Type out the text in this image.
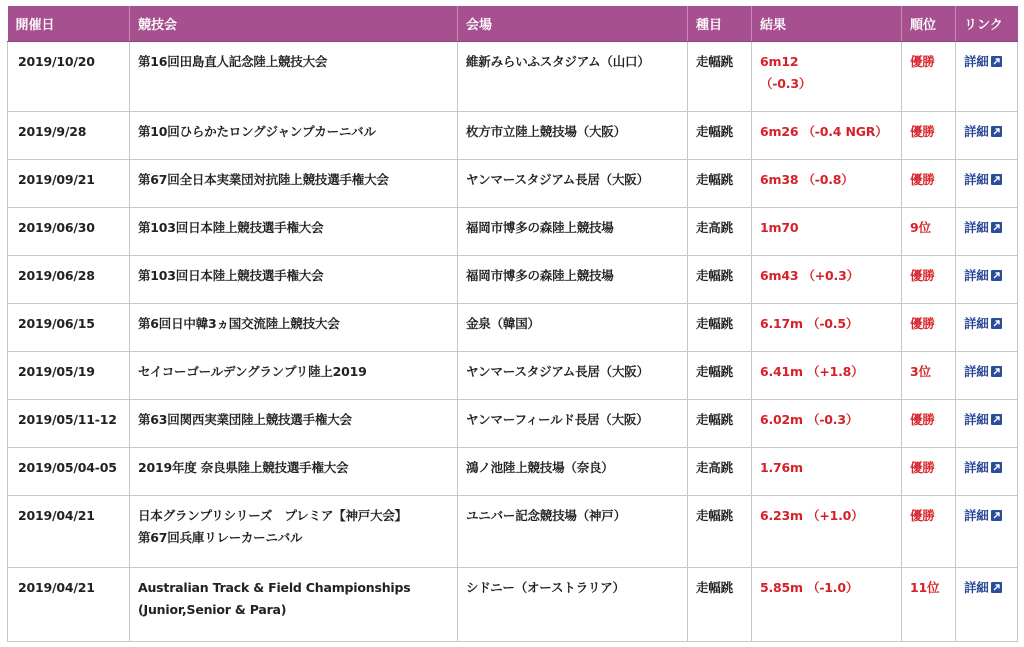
開催日	競技会	会場	種目	結果	順位	リンク

2019/10/20	第16回田島直人記念陸上競技大会	維新みらいふスタジアム（山口）	走幅跳	6m12
（-0.3）	優勝	詳細

2019/9/28	第10回ひらかたロングジャンプカーニバル	枚方市立陸上競技場（大阪）	走幅跳	6m26 （-0.4 NGR）	優勝	詳細

2019/09/21	第67回全日本実業団対抗陸上競技選手権大会	ヤンマースタジアム長居（大阪）	走幅跳	6m38 （-0.8）	優勝	詳細

2019/06/30	第103回日本陸上競技選手権大会	福岡市博多の森陸上競技場	走高跳	1m70	9位	詳細

2019/06/28	第103回日本陸上競技選手権大会	福岡市博多の森陸上競技場	走幅跳	6m43 （+0.3）	優勝	詳細

2019/06/15	第6回日中韓3ヵ国交流陸上競技大会	金泉（韓国）	走幅跳	6.17m （-0.5）	優勝	詳細

2019/05/19	セイコーゴールデングランプリ陸上2019	ヤンマースタジアム長居（大阪）	走幅跳	6.41m （+1.8）	3位	詳細

2019/05/11-12	第63回関西実業団陸上競技選手権大会	ヤンマーフィールド長居（大阪）	走幅跳	6.02m （-0.3）	優勝	詳細

2019/05/04-05	2019年度 奈良県陸上競技選手権大会	鴻ノ池陸上競技場（奈良）	走高跳	1.76m	優勝	詳細

2019/04/21	日本グランプリシリーズ　プレミア【神戸大会】
第67回兵庫リレーカーニバル	ユニバー記念競技場（神戸）	走幅跳	6.23m （+1.0）	優勝	詳細

2019/04/21	Australian Track & Field Championships
(Junior,Senior & Para)	シドニー（オーストラリア）	走幅跳	5.85m （-1.0）	11位	詳細
